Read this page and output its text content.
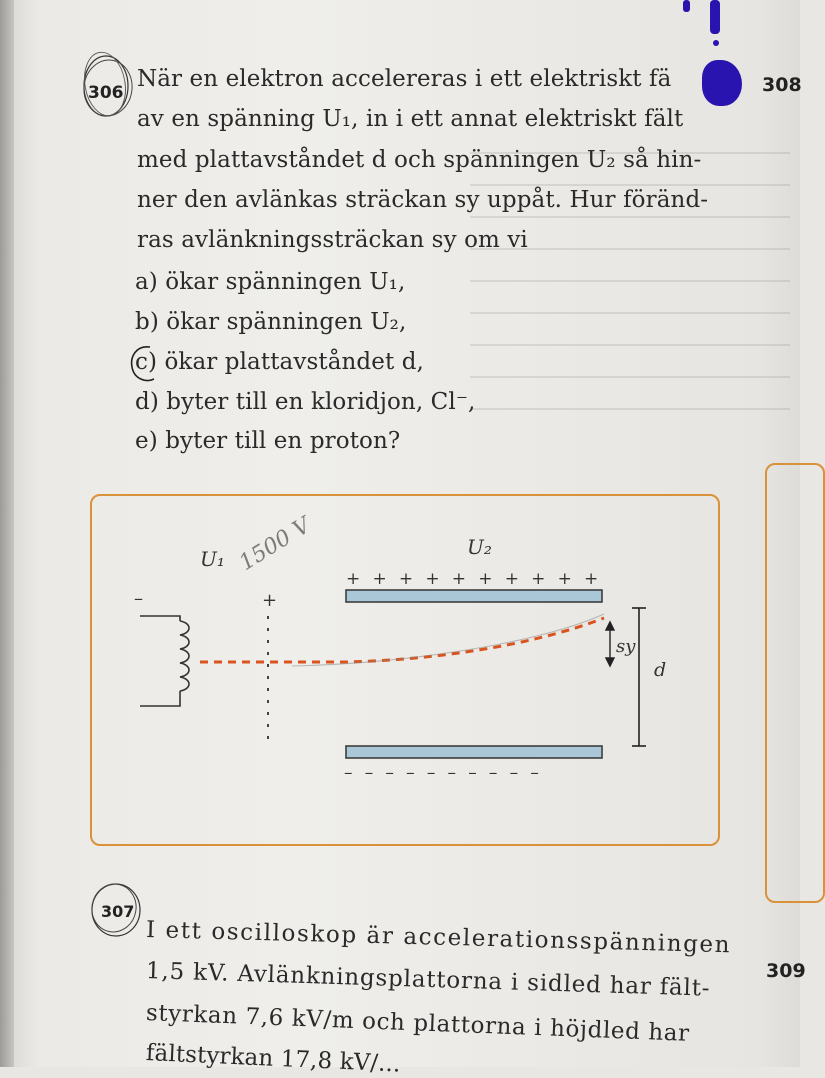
306
När en elektron accelereras i ett elektriskt fä
av en spänning U₁, in i ett annat elektriskt fält
med plattavståndet d och spänningen U₂ så hin-
ner den avlänkas sträckan sy uppåt. Hur föränd-
ras avlänkningssträckan sy om vi
a) ökar spänningen U₁,
b) ökar spänningen U₂,
c) ökar plattavståndet d,
d) byter till en kloridjon, Cl⁻,
e) byter till en proton?
308
–	+
U₁ 1500 V	U₂
+ + + + + + + + + +
– – – – – – – – – –
sy
d
307
I ett oscilloskop är accelerationsspänningen
1,5 kV. Avlänkningsplattorna i sidled har fält-
styrkan 7,6 kV/m och plattorna i höjdled har
fältstyrkan 17,8 kV/...
309
